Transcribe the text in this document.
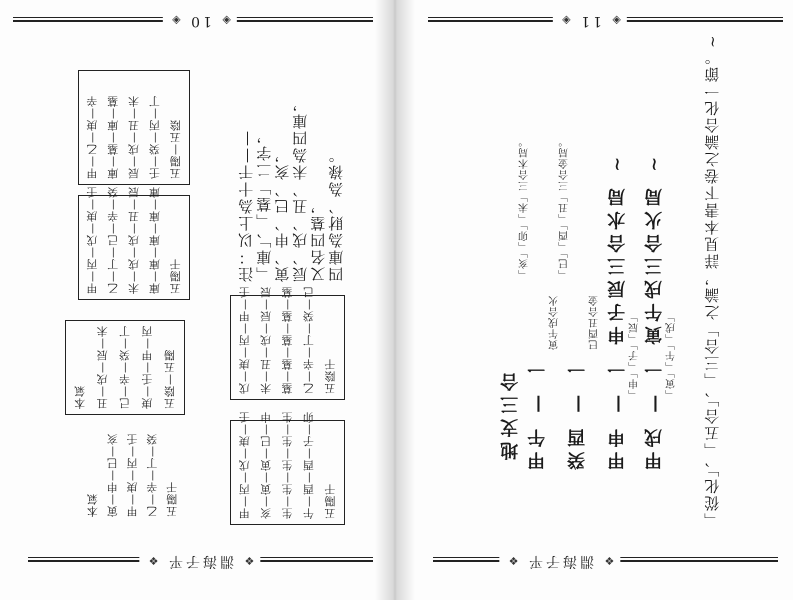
❖ 淵海子平 ❖
◈ 10 ◈
甲—乙—庚—辛 庫—墓—庫—墓 辰—戌—丑—未 壬—癸—丙—丁 五陽—五陰
甲—丙—戊—庚—壬 乙—丁—己—辛—癸 未—戌—戌—丑—辰 庫—庫—庫—庫—庫 五陽干
本氣 丑—戌—辰—未 己—辛—癸—丁 庚—壬—甲—丙 五陰—五陽
本氣 寅—申—巳—亥 甲—庚—丙—壬 乙—辛—丁—癸 五陽干
戊—庚—丙—甲—壬 未—丑—戌—辰—辰 墓—墓—墓—墓—墓 乙—辛—丁—癸—己 五陰干
甲—丙—戊—庚—壬 亥—寅—寅—巳—申 生—生—生—生—生 午—酉—酉—子—卯 五陽干
注：以上為十干—— 「庫」、「墓」二字， 寅、申、巳、亥， 辰、戌、丑、未為四庫， 又名四墓， 四庫為財、為祿。
❖ 淵海子平 ❖
◈ 11 ◈
地支三合 甲午 — 一
寅午戌合火
癸酉 — 一
巳酉丑合金 甲申 — 一 申子辰三合水局 ∼ 「申」「子」「辰」 甲戌 — 一 寅午戌三合火局 ∼ 「寅」「午」「戌」
「亥」「卯」「未」三合木局。	「巳」「酉」「丑」三合金局。	「從化」、「五合」、「三合」之論，詳見本書下卷之論合化一節。∼
